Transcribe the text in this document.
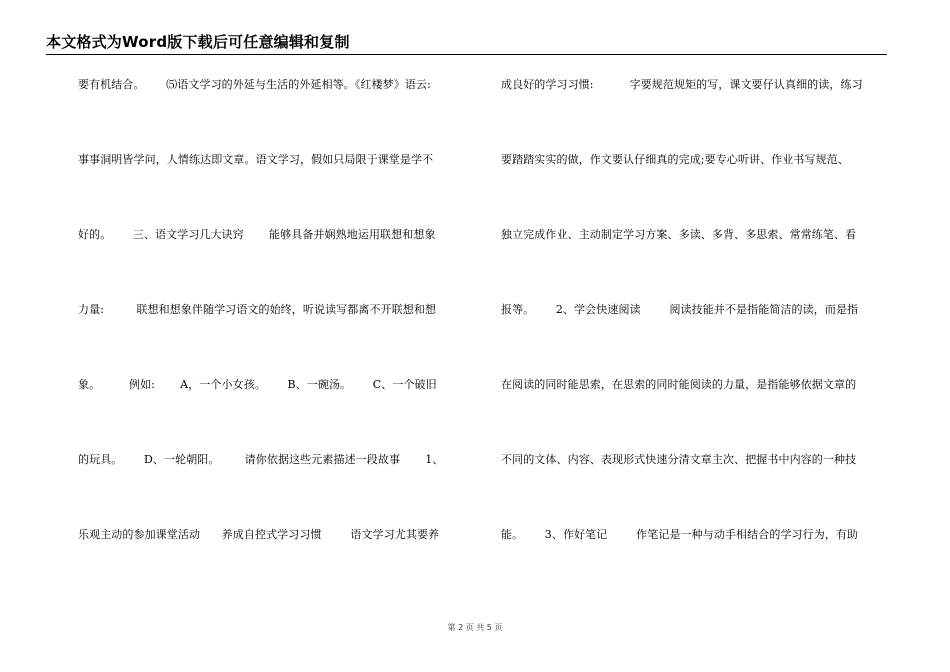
本文格式为Word版下载后可任意编辑和复制
要有机结合。      ⑸语文学习的外延与生活的外延相等。《红楼梦》语云:
事事洞明皆学问，人情练达即文章。语文学习，假如只局限于课堂是学不
好的。      三、语文学习几大诀窍       能够具备并娴熟地运用联想和想象
力量:         联想和想象伴随学习语文的始终，听说读写都离不开联想和想
象。        例如:       A，一个小女孩。      B、一碗汤。      C、一个破旧
的玩具。      D、一轮朝阳。       请你依据这些元素描述一段故事       1、
乐观主动的参加课堂活动      养成自控式学习习惯        语文学习尤其要养
成良好的学习习惯:          字要规范规矩的写，课文要仔认真细的读，练习
要踏踏实实的做，作文要认仔细真的完成;要专心听讲、作业书写规范、
独立完成作业、主动制定学习方案、多读、多背、多思索、常常练笔、看
报等。      2、学会快速阅读        阅读技能并不是指能简洁的读，而是指
在阅读的同时能思索，在思索的同时能阅读的力量，是指能够依据文章的
不同的文体、内容、表现形式快速分清文章主次、把握书中内容的一种技
能。      3、作好笔记        作笔记是一种与动手相结合的学习行为，有助
第 2 页 共 5 页
